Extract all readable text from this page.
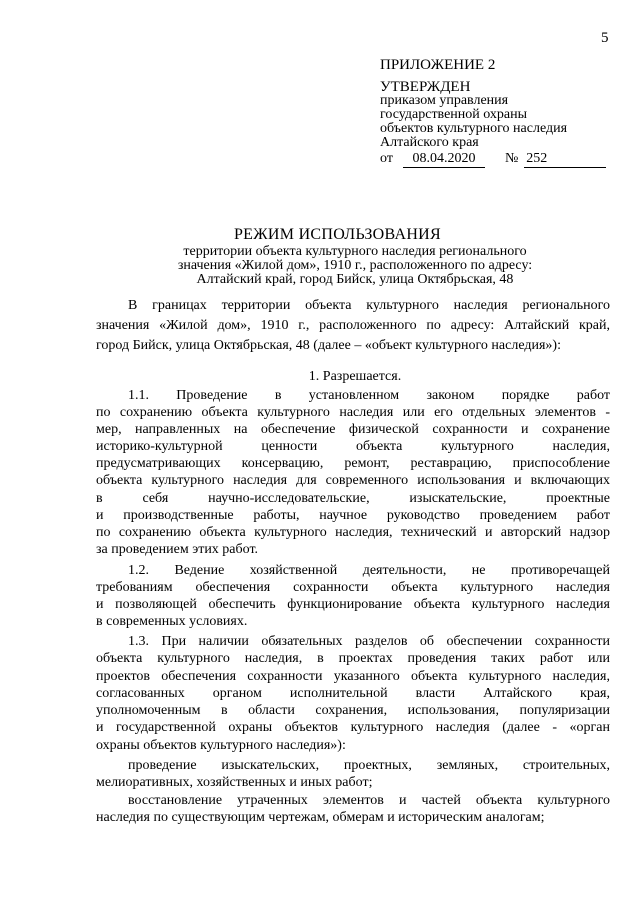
5
ПРИЛОЖЕНИЕ 2
УТВЕРЖДЕН
приказом управления
государственной охраны
объектов культурного наследия
Алтайского края
от 08.04.2020 № 252
РЕЖИМ ИСПОЛЬЗОВАНИЯ
территории объекта культурного наследия регионального
значения «Жилой дом», 1910 г., расположенного по адресу:
Алтайский край, город Бийск, улица Октябрьская, 48
В границах территории объекта культурного наследия регионального
значения «Жилой дом», 1910 г., расположенного по адресу: Алтайский край,
город Бийск, улица Октябрьская, 48 (далее – «объект культурного наследия»):
1. Разрешается.
1.1. Проведение в установленном законом порядке работ
по сохранению объекта культурного наследия или его отдельных элементов -
мер, направленных на обеспечение физической сохранности и сохранение
историко-культурной ценности объекта культурного наследия,
предусматривающих консервацию, ремонт, реставрацию, приспособление
объекта культурного наследия для современного использования и включающих
в себя научно-исследовательские, изыскательские, проектные
и производственные работы, научное руководство проведением работ
по сохранению объекта культурного наследия, технический и авторский надзор
за проведением этих работ.
1.2. Ведение хозяйственной деятельности, не противоречащей
требованиям обеспечения сохранности объекта культурного наследия
и позволяющей обеспечить функционирование объекта культурного наследия
в современных условиях.
1.3. При наличии обязательных разделов об обеспечении сохранности
объекта культурного наследия, в проектах проведения таких работ или
проектов обеспечения сохранности указанного объекта культурного наследия,
согласованных органом исполнительной власти Алтайского края,
уполномоченным в области сохранения, использования, популяризации
и государственной охраны объектов культурного наследия (далее - «орган
охраны объектов культурного наследия»):
проведение изыскательских, проектных, земляных, строительных,
мелиоративных, хозяйственных и иных работ;
восстановление утраченных элементов и частей объекта культурного
наследия по существующим чертежам, обмерам и историческим аналогам;
